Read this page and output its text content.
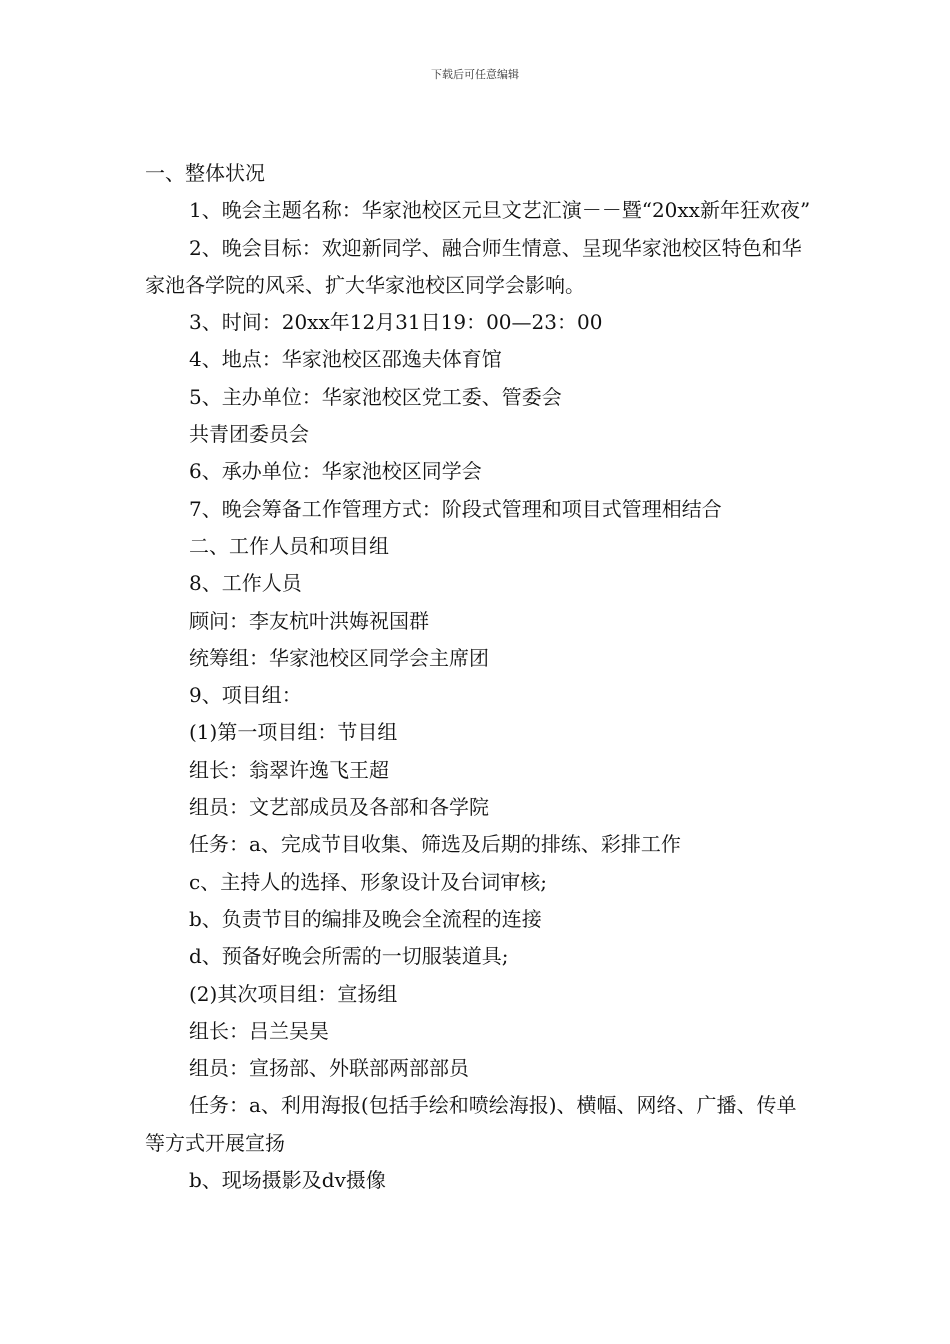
下载后可任意编辑

一、整体状况

1、晚会主题名称：华家池校区元旦文艺汇演－－暨“20xx新年狂欢夜”

2、晚会目标：欢迎新同学、融合师生情意、呈现华家池校区特色和华家池各学院的风采、扩大华家池校区同学会影响。

3、时间：20xx年12月31日19：00—23：00

4、地点：华家池校区邵逸夫体育馆

5、主办单位：华家池校区党工委、管委会

共青团委员会

6、承办单位：华家池校区同学会

7、晚会筹备工作管理方式：阶段式管理和项目式管理相结合

二、工作人员和项目组

8、工作人员

顾问：李友杭叶洪娒祝国群

统筹组：华家池校区同学会主席团

9、项目组：

(1)第一项目组：节目组

组长：翁翠许逸飞王超

组员：文艺部成员及各部和各学院

任务：a、完成节目收集、筛选及后期的排练、彩排工作

c、主持人的选择、形象设计及台词审核;

b、负责节目的编排及晚会全流程的连接

d、预备好晚会所需的一切服装道具;

(2)其次项目组：宣扬组

组长：吕兰吴昊

组员：宣扬部、外联部两部部员

任务：a、利用海报(包括手绘和喷绘海报)、横幅、网络、广播、传单等方式开展宣扬

b、现场摄影及dv摄像
